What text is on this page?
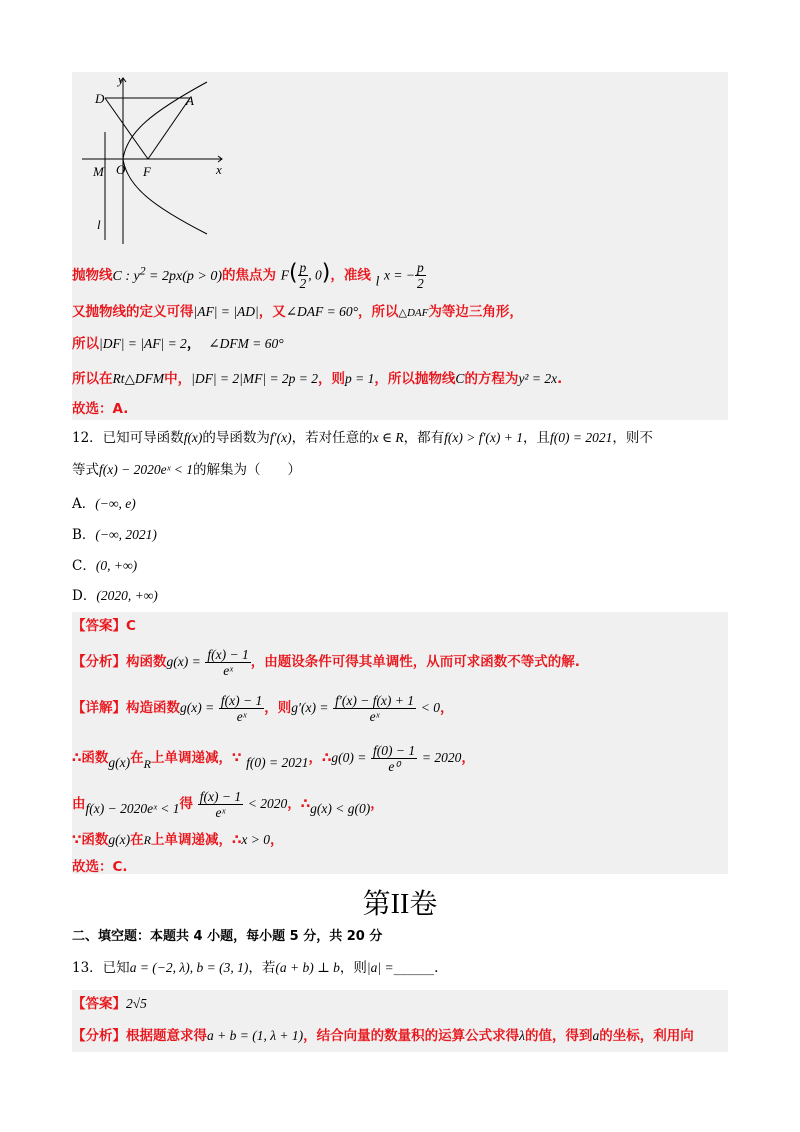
y
x
D	A
M O F
l
抛物线C : $y^2 = 2px(p > 0)$的焦点为 $F( \frac{p}{2}$ , 0)，准线 l x = − $\frac{p}{2}$
又抛物线的定义可得|AF| = |AD|，又∠DAF = 60°，所以△DAF为等边三角形，
所以|DF| = |AF| = 2， ∠DFM = 60°
所以在Rt△DFM中，|DF| = 2|MF| = 2p = 2，则p = 1，所以抛物线C的方程为y² = 2x.
故选：A.
12．已知可导函数f(x)的导函数为f′(x)，若对任意的x ∈ R，都有f(x) > f′(x) + 1，且f(0) = 2021，则不
等式f(x) − 2020eˣ < 1的解集为（　　）
A．(−∞, e)
B．(−∞, 2021)
C．(0, +∞)
D．(2020, +∞)
【答案】C
【分析】构函数$g(x) = \frac{f(x) - 1}{\text{eˣ}}$ ，由题设条件可得其单调性，从而可求函数不等式的解.
【详解】构造函数$g(x) = \frac{f(x) - 1}{\text{eˣ}}$ ，则$g'(x) = \frac{f'(x) - f(x) + 1}{\text{eˣ}} < 0$，
∴函数g(x)在R上单调递减，∵ f(0) = 2021，∴g(0) = $\frac{f(0) - 1}{\text{e⁰}} = 2020$，
由f(x) − 2020eˣ < 1得 $\frac{f(x) - 1}{\text{eˣ}} < 2020$，∴g(x) < g(0)，
∵函数g(x)在R上单调递减，∴x > 0，
故选：C.
第II卷
二、填空题：本题共 4 小题，每小题 5 分，共 20 分
13．已知a = (−2, λ), b = (3, 1)，若(a + b) ⊥ b，则|a| =______.
【答案】2√5
【分析】根据题意求得a + b = (1, λ + 1)，结合向量的数量积的运算公式求得λ的值，得到a的坐标，利用向
